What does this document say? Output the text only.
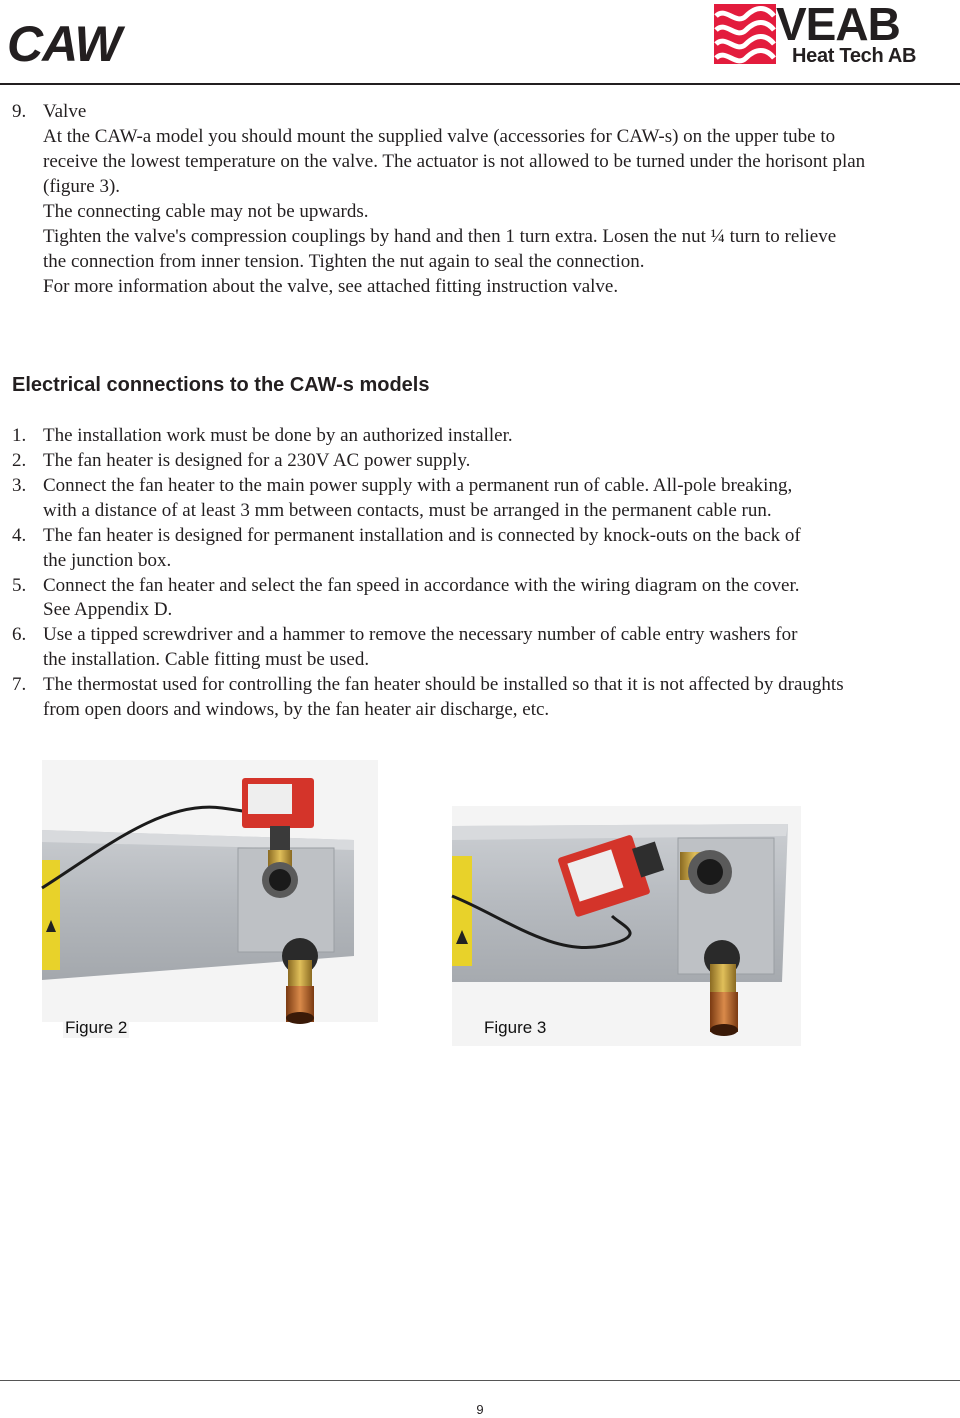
CAW	VEAB
Heat Tech AB
9. Valve
At the CAW-a model you should mount the supplied valve (accessories for CAW-s) on the upper tube to
receive the lowest temperature on the valve. The actuator is not allowed to be turned under the horisont plan
(figure 3).
The connecting cable may not be upwards.
Tighten the valve's compression couplings by hand and then 1 turn extra. Losen the nut ¼ turn to relieve
the connection from inner tension. Tighten the nut again to seal the connection.
For more information about the valve, see attached fitting instruction valve.
Electrical connections to the CAW-s models
1. The installation work must be done by an authorized installer.
2. The fan heater is designed for a 230V AC power supply.
3. Connect the fan heater to the main power supply with a permanent run of cable. All-pole breaking,
with a distance of at least 3 mm between contacts, must be arranged in the permanent cable run.
4. The fan heater is designed for permanent installation and is connected by knock-outs on the back of
the junction box.
5. Connect the fan heater and select the fan speed in accordance with the wiring diagram on the cover.
See Appendix D.
6. Use a tipped screwdriver and a hammer to remove the necessary number of cable entry washers for
the installation. Cable fitting must be used.
7. The thermostat used for controlling the fan heater should be installed so that it is not affected by draughts
from open doors and windows, by the fan heater air discharge, etc.
Figure 2	Figure 3
9
